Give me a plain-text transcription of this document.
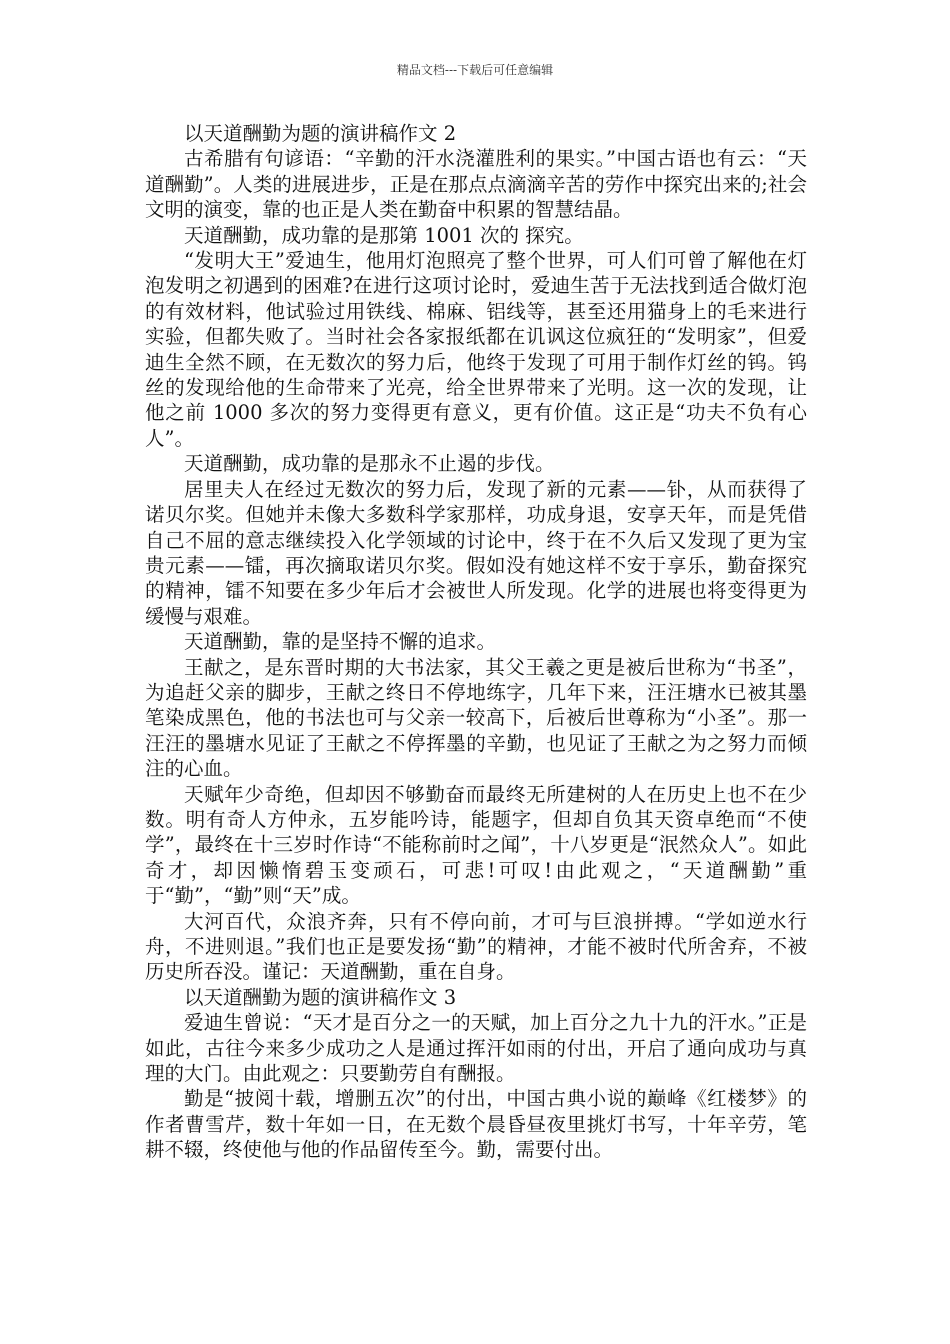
精品文档---下载后可任意编辑

以天道酬勤为题的演讲稿作文 2

古希腊有句谚语：“辛勤的汗水浇灌胜利的果实。”中国古语也有云：“天道酬勤”。人类的进展进步，正是在那点点滴滴辛苦的劳作中探究出来的;社会文明的演变，靠的也正是人类在勤奋中积累的智慧结晶。

天道酬勤，成功靠的是那第 1001 次的 探究。

“发明大王”爱迪生，他用灯泡照亮了整个世界，可人们可曾了解他在灯泡发明之初遇到的困难?在进行这项讨论时，爱迪生苦于无法找到适合做灯泡的有效材料，他试验过用铁线、棉麻、铝线等，甚至还用猫身上的毛来进行实验，但都失败了。当时社会各家报纸都在讥讽这位疯狂的“发明家”，但爱迪生全然不顾，在无数次的努力后，他终于发现了可用于制作灯丝的钨。钨丝的发现给他的生命带来了光亮，给全世界带来了光明。这一次的发现，让他之前 1000 多次的努力变得更有意义，更有价值。这正是“功夫不负有心人”。

天道酬勤，成功靠的是那永不止遏的步伐。

居里夫人在经过无数次的努力后，发现了新的元素——钋，从而获得了诺贝尔奖。但她并未像大多数科学家那样，功成身退，安享天年，而是凭借自己不屈的意志继续投入化学领域的讨论中，终于在不久后又发现了更为宝贵元素——镭，再次摘取诺贝尔奖。假如没有她这样不安于享乐，勤奋探究的精神，镭不知要在多少年后才会被世人所发现。化学的进展也将变得更为缓慢与艰难。

天道酬勤，靠的是坚持不懈的追求。

王献之，是东晋时期的大书法家，其父王羲之更是被后世称为“书圣”，为追赶父亲的脚步，王献之终日不停地练字，几年下来，汪汪塘水已被其墨笔染成黑色，他的书法也可与父亲一较高下，后被后世尊称为“小圣”。那一汪汪的墨塘水见证了王献之不停挥墨的辛勤，也见证了王献之为之努力而倾注的心血。

天赋年少奇绝，但却因不够勤奋而最终无所建树的人在历史上也不在少数。明有奇人方仲永，五岁能吟诗，能题字，但却自负其天资卓绝而“不使学”，最终在十三岁时作诗“不能称前时之闻”，十八岁更是“泯然众人”。如此奇才，却因懒惰碧玉变顽石，可悲!可叹!由此观之，“天道酬勤”重于“勤”，“勤”则“天”成。

大河百代，众浪齐奔，只有不停向前，才可与巨浪拼搏。“学如逆水行舟，不进则退。”我们也正是要发扬“勤”的精神，才能不被时代所舍弃，不被历史所吞没。谨记：天道酬勤，重在自身。

以天道酬勤为题的演讲稿作文 3

爱迪生曾说：“天才是百分之一的天赋，加上百分之九十九的汗水。”正是如此，古往今来多少成功之人是通过挥汗如雨的付出，开启了通向成功与真理的大门。由此观之：只要勤劳自有酬报。

勤是“披阅十载，增删五次”的付出，中国古典小说的巅峰《红楼梦》的作者曹雪芹，数十年如一日，在无数个晨昏昼夜里挑灯书写，十年辛劳，笔耕不辍，终使他与他的作品留传至今。勤，需要付出。
